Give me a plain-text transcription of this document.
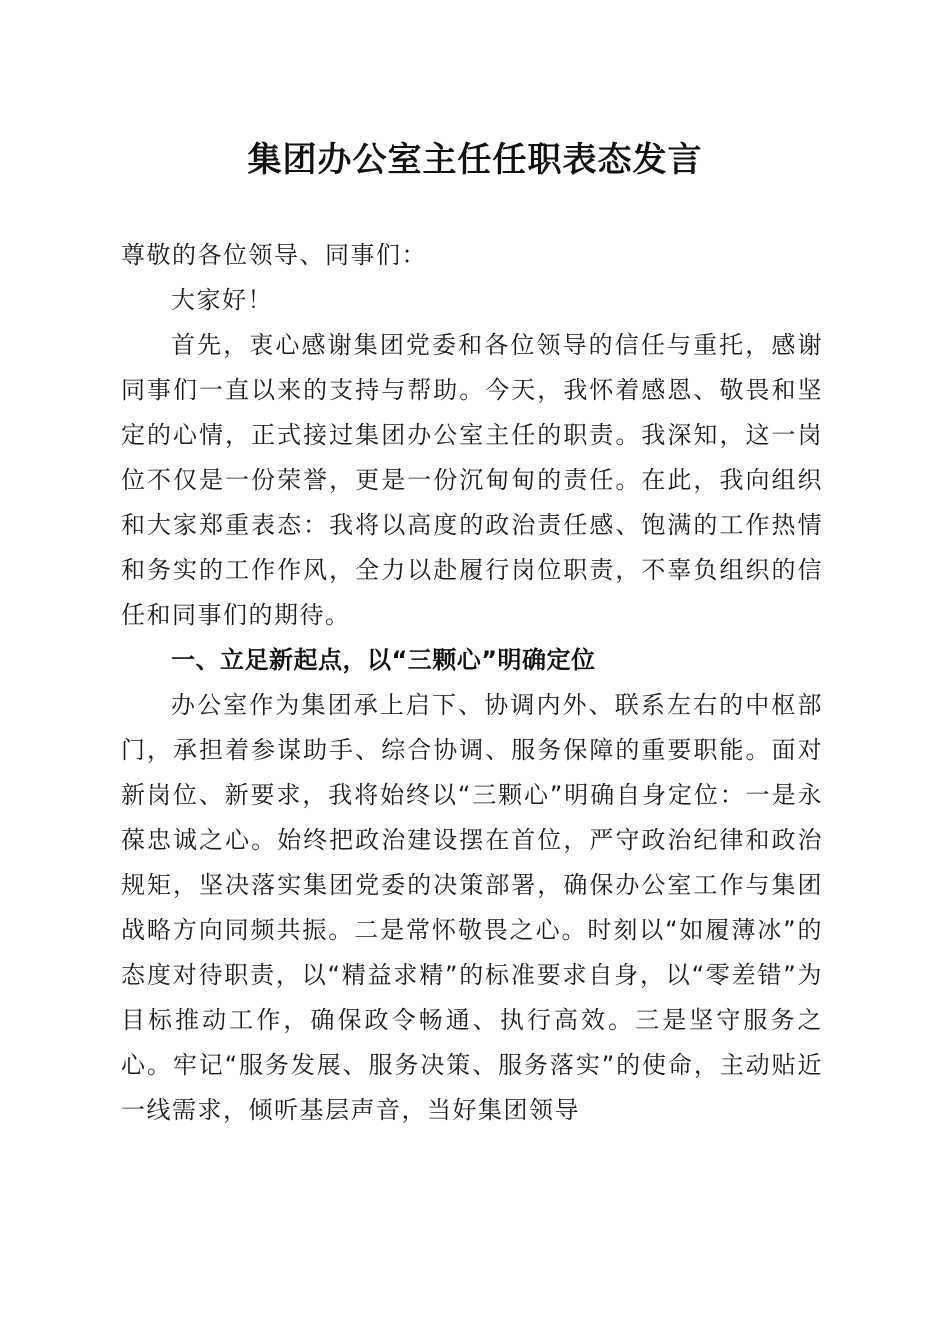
集团办公室主任任职表态发言

尊敬的各位领导、同事们：

大家好！

首先，衷心感谢集团党委和各位领导的信任与重托，感谢同事们一直以来的支持与帮助。今天，我怀着感恩、敬畏和坚定的心情，正式接过集团办公室主任的职责。我深知，这一岗位不仅是一份荣誉，更是一份沉甸甸的责任。在此，我向组织和大家郑重表态：我将以高度的政治责任感、饱满的工作热情和务实的工作作风，全力以赴履行岗位职责，不辜负组织的信任和同事们的期待。

一、立足新起点，以“三颗心”明确定位

办公室作为集团承上启下、协调内外、联系左右的中枢部门，承担着参谋助手、综合协调、服务保障的重要职能。面对新岗位、新要求，我将始终以“三颗心”明确自身定位：一是永葆忠诚之心。始终把政治建设摆在首位，严守政治纪律和政治规矩，坚决落实集团党委的决策部署，确保办公室工作与集团战略方向同频共振。二是常怀敬畏之心。时刻以“如履薄冰”的态度对待职责，以“精益求精”的标准要求自身，以“零差错”为目标推动工作，确保政令畅通、执行高效。三是坚守服务之心。牢记“服务发展、服务决策、服务落实”的使命，主动贴近一线需求，倾听基层声音，当好集团领导
